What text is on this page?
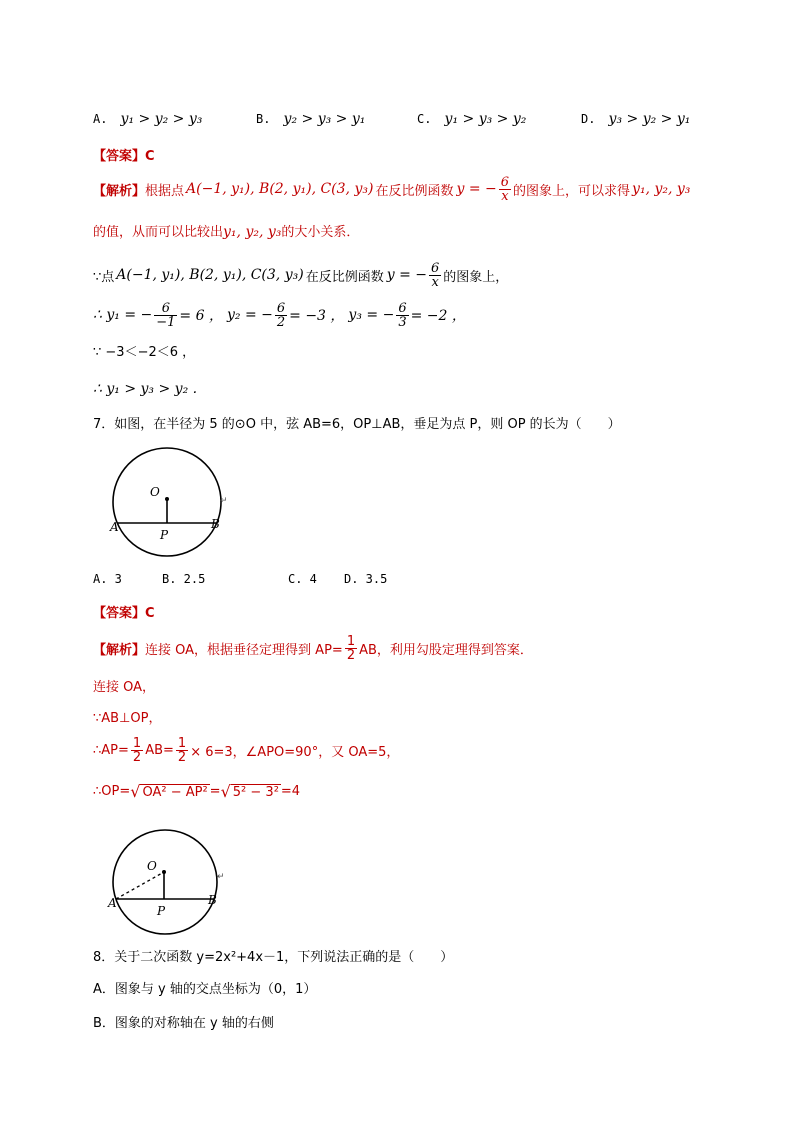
A. y₁ > y₂ > y₃	B. y₂ > y₃ > y₁	C. y₁ > y₃ > y₂	D. y₃ > y₂ > y₁
【答案】C
【解析】 根据点 A(−1, y₁), B(2, y₁), C(3, y₃) 在反比例函数 y = − $\frac{6}{x}$ 的图象上，可以求得 y₁, y₂, y₃
的值，从而可以比较出y₁, y₂, y₃的大小关系．
∵点 A(−1, y₁), B(2, y₁), C(3, y₃) 在反比例函数 y = − $\frac{6}{x}$ 的图象上，
∴ y₁ = − $\frac{6}{-1} = 6$ ， y₂ = − $\frac{6}{2} = -3$ ， y₃ = − $\frac{6}{3} = -2$ ，
∵ −3＜−2＜6 ，
∴ y₁ > y₃ > y₂ .
7．如图，在半径为 5 的⊙O 中，弦 AB=6，OP⊥AB，垂足为点 P，则 OP 的长为（　　）
O
A	B
P
↵
A. 3	B. 2.5	C. 4 D. 3.5
【答案】C
【解析】 连接 OA，根据垂径定理得到 $AP= \frac{1}{2}$ AB，利用勾股定理得到答案．
连接 OA，
∵AB⊥OP，
∴AP= $\frac{1}{2} AB= \frac{1}{2} \times 6=3$，∠APO=90°，又 OA=5，
∴OP= √ OA² − AP² = √ 5² − 3² =4
O
A	B
P
↵
8．关于二次函数 y=2x²+4x－1，下列说法正确的是（　　）
A．图象与 y 轴的交点坐标为（0，1）
B．图象的对称轴在 y 轴的右侧
